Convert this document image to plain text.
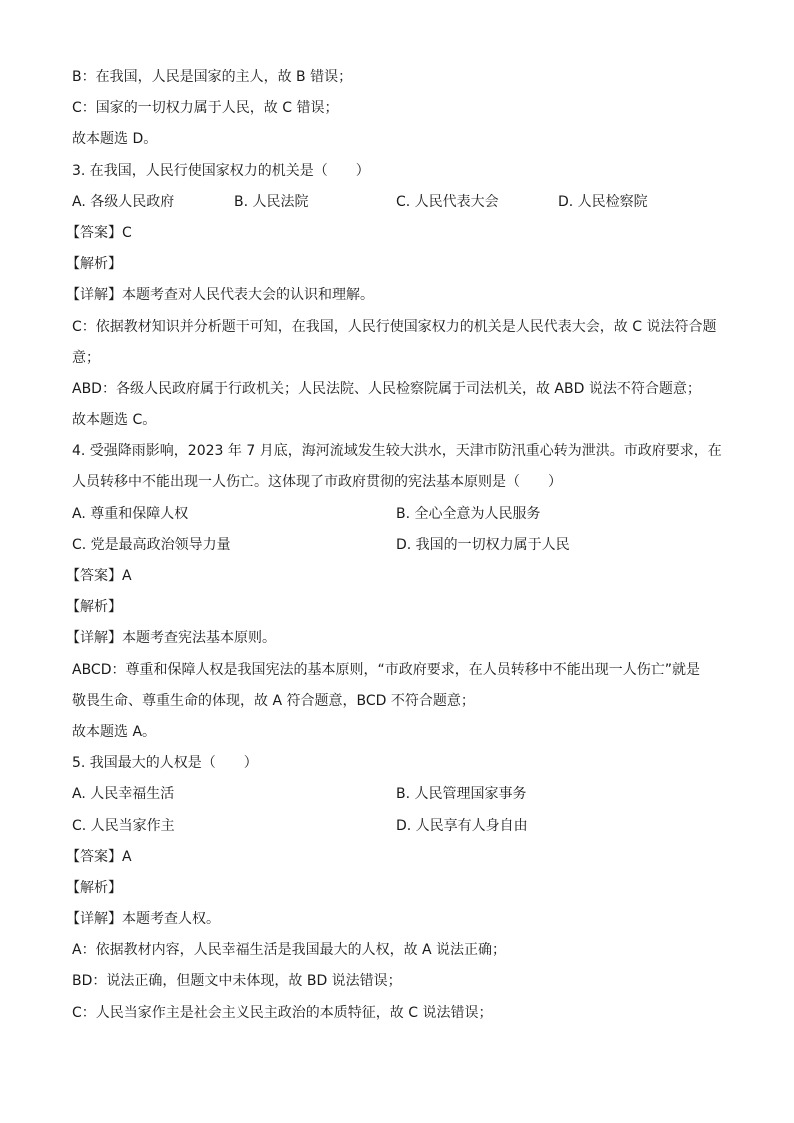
B：在我国，人民是国家的主人，故 B 错误；
C：国家的一切权力属于人民，故 C 错误；
故本题选 D。
3. 在我国，人民行使国家权力的机关是（　　）
A. 各级人民政府	B. 人民法院	C. 人民代表大会	D. 人民检察院
【答案】C
【解析】
【详解】本题考查对人民代表大会的认识和理解。
C：依据教材知识并分析题干可知，在我国，人民行使国家权力的机关是人民代表大会，故 C 说法符合题
意；
ABD：各级人民政府属于行政机关；人民法院、人民检察院属于司法机关，故 ABD 说法不符合题意；
故本题选 C。
4. 受强降雨影响，2023 年 7 月底，海河流域发生较大洪水，天津市防汛重心转为泄洪。市政府要求，在
人员转移中不能出现一人伤亡。这体现了市政府贯彻的宪法基本原则是（　　）
A. 尊重和保障人权	B. 全心全意为人民服务
C. 党是最高政治领导力量	D. 我国的一切权力属于人民
【答案】A
【解析】
【详解】本题考查宪法基本原则。
ABCD：尊重和保障人权是我国宪法的基本原则，“市政府要求，在人员转移中不能出现一人伤亡”就是
敬畏生命、尊重生命的体现，故 A 符合题意，BCD 不符合题意；
故本题选 A。
5. 我国最大的人权是（　　）
A. 人民幸福生活	B. 人民管理国家事务
C. 人民当家作主	D. 人民享有人身自由
【答案】A
【解析】
【详解】本题考查人权。
A：依据教材内容，人民幸福生活是我国最大的人权，故 A 说法正确；
BD：说法正确，但题文中未体现，故 BD 说法错误；
C：人民当家作主是社会主义民主政治的本质特征，故 C 说法错误；
